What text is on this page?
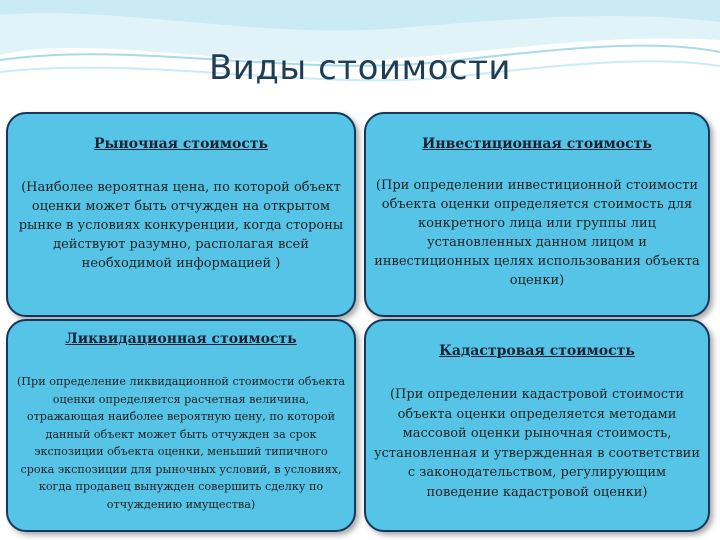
Виды стоимости
Рыночная стоимость
(Наиболее вероятная цена, по которой объект оценки может быть отчужден на открытом рынке в условиях конкуренции, когда стороны действуют разумно, располагая всей необходимой информацией )
Инвестиционная стоимость
(При определении инвестиционной стоимости объекта оценки определяется стоимость для конкретного лица или группы лиц установленных данном лицом и инвестиционных целях использования объекта оценки)
Ликвидационная стоимость
(При определение ликвидационной стоимости объекта оценки определяется расчетная величина, отражающая наиболее вероятную цену, по которой данный объект может быть отчужден за срок экспозиции объекта оценки, меньший типичного срока экспозиции для рыночных условий, в условиях, когда продавец вынужден совершить сделку по отчуждению имущества)
Кадастровая стоимость
(При определении кадастровой стоимости объекта оценки определяется методами массовой оценки рыночная стоимость, установленная и утвержденная в соответствии с законодательством, регулирующим поведение кадастровой оценки)
